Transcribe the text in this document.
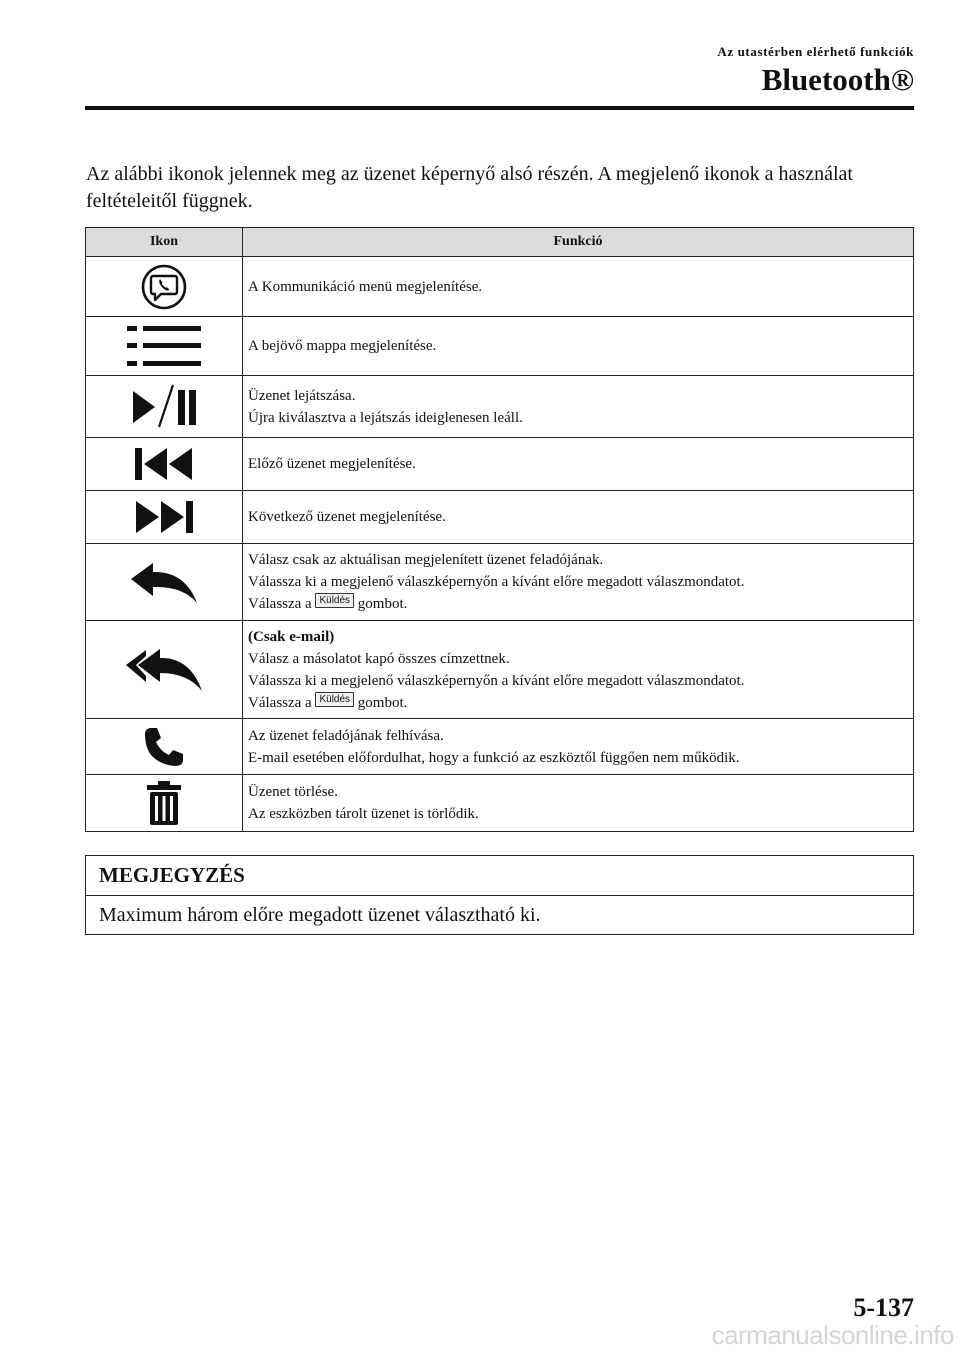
Az utastérben elérhető funkciók
Bluetooth®
Az alábbi ikonok jelennek meg az üzenet képernyő alsó részén. A megjelenő ikonok a használat feltételeitől függnek.
Ikon	Funkció

A Kommunikáció menü megjelenítése.

A bejövő mappa megjelenítése.

Üzenet lejátszása.
Újra kiválasztva a lejátszás ideiglenesen leáll.

Előző üzenet megjelenítése.

Következő üzenet megjelenítése.

Válasz csak az aktuálisan megjelenített üzenet feladójának.
Válassza ki a megjelenő válaszképernyőn a kívánt előre megadott válaszmondatot.
Válassza a Küldés gombot.

(Csak e-mail)
Válasz a másolatot kapó összes címzettnek.
Válassza ki a megjelenő válaszképernyőn a kívánt előre megadott válaszmondatot.
Válassza a Küldés gombot.

Az üzenet feladójának felhívása.
E-mail esetében előfordulhat, hogy a funkció az eszköztől függően nem működik.

Üzenet törlése.
Az eszközben tárolt üzenet is törlődik.
MEGJEGYZÉS
Maximum három előre megadott üzenet választható ki.
5-137
carmanualsonline.info
